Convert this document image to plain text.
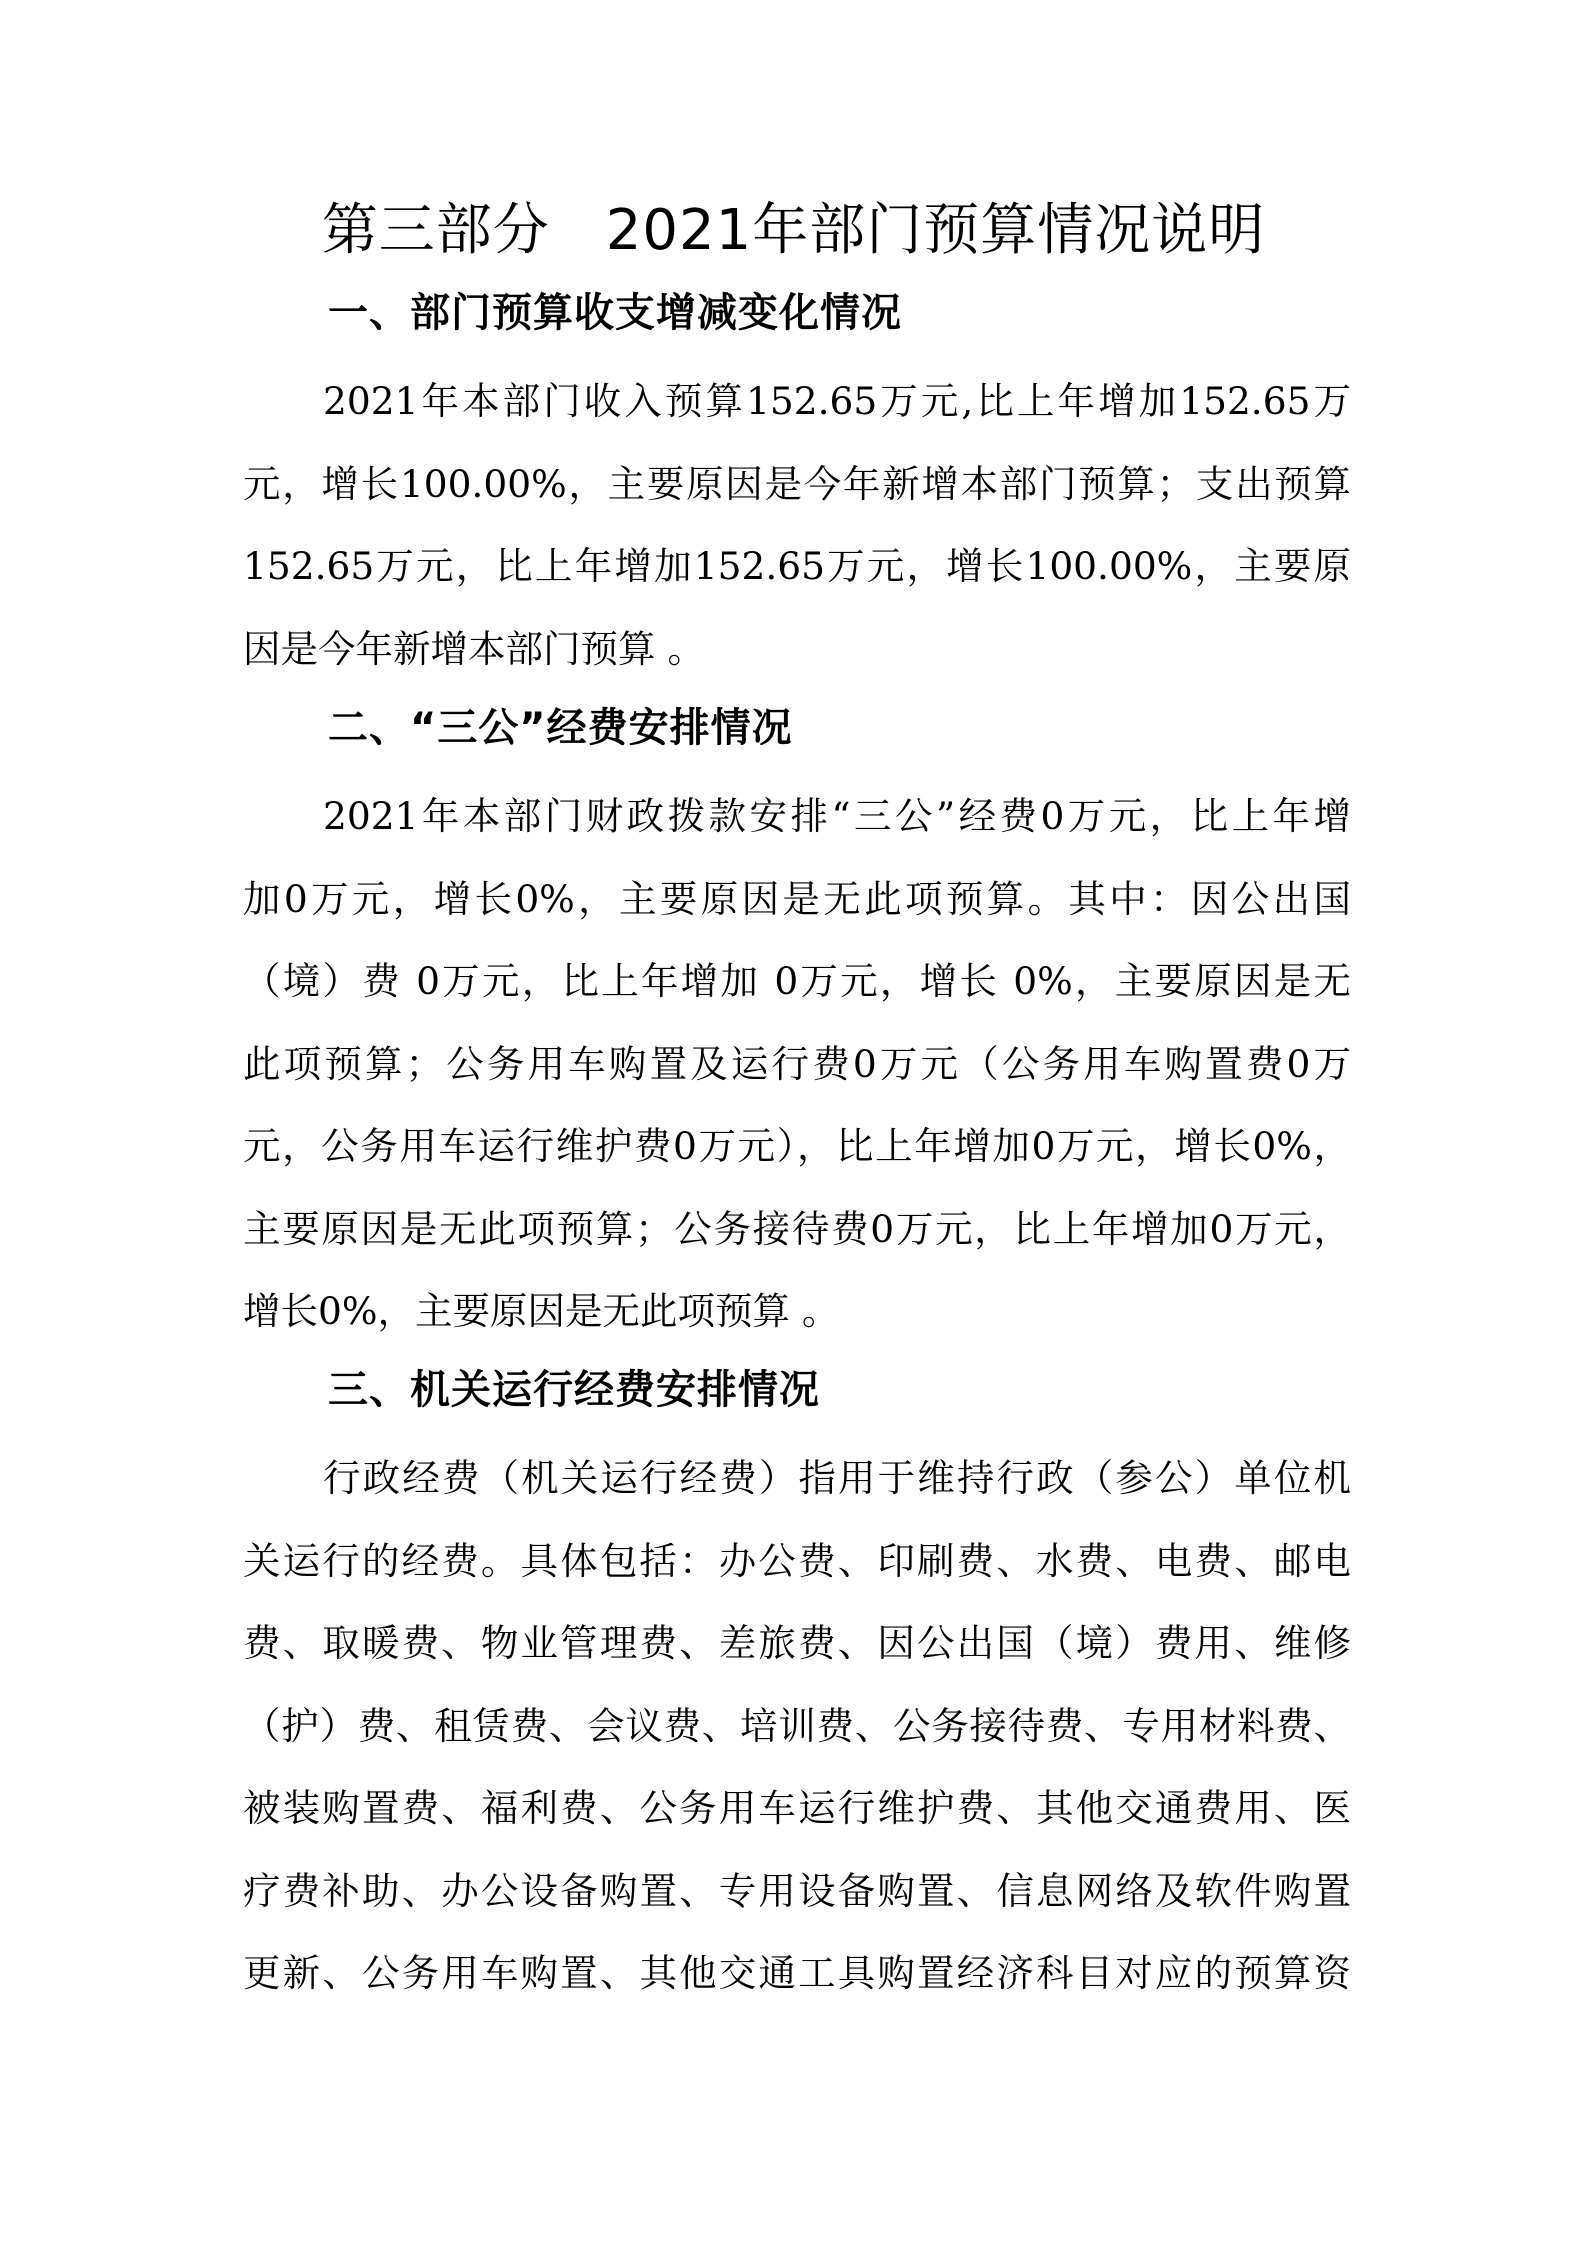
第三部分 2021年部门预算情况说明
一、部门预算收支增减变化情况
2021年本部门收入预算152.65万元,比上年增加152.65万
元，增长100.00%，主要原因是今年新增本部门预算；支出预算
152.65万元，比上年增加152.65万元，增长100.00%，主要原
因是今年新增本部门预算 。
二、“三公”经费安排情况
2021年本部门财政拨款安排“三公”经费0万元，比上年增
加0万元，增长0%，主要原因是无此项预算。其中：因公出国
（境）费 0万元，比上年增加 0万元，增长 0%，主要原因是无
此项预算；公务用车购置及运行费0万元（公务用车购置费0万
元，公务用车运行维护费0万元），比上年增加0万元，增长0%，
主要原因是无此项预算；公务接待费0万元，比上年增加0万元，
增长0%，主要原因是无此项预算 。
三、机关运行经费安排情况
行政经费（机关运行经费）指用于维持行政（参公）单位机
关运行的经费。具体包括：办公费、印刷费、水费、电费、邮电
费、取暖费、物业管理费、差旅费、因公出国（境）费用、维修
（护）费、租赁费、会议费、培训费、公务接待费、专用材料费、
被装购置费、福利费、公务用车运行维护费、其他交通费用、医
疗费补助、办公设备购置、专用设备购置、信息网络及软件购置
更新、公务用车购置、其他交通工具购置经济科目对应的预算资
